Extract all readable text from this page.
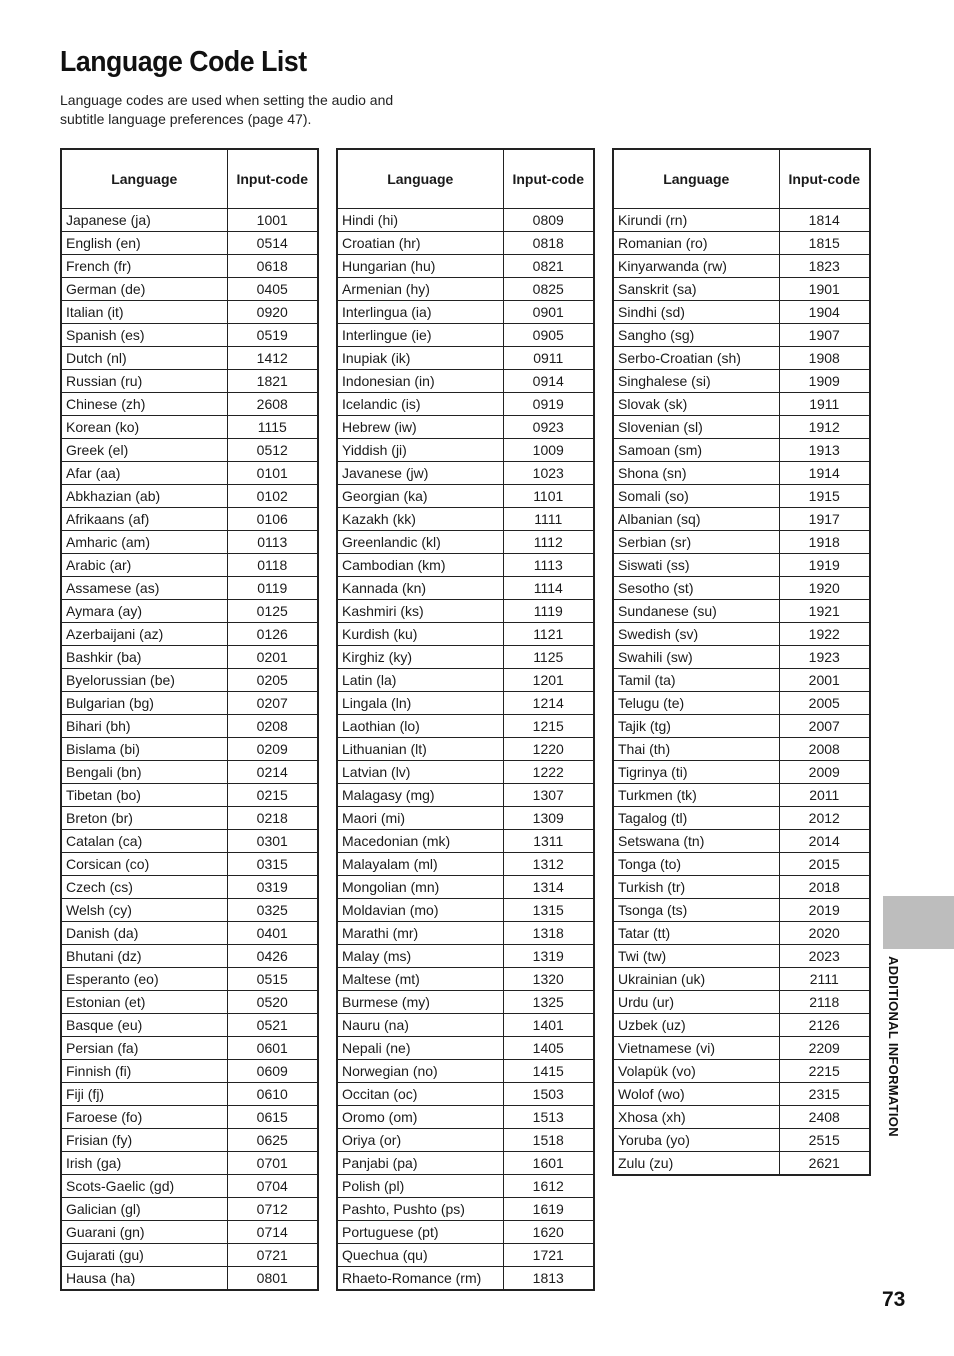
Language Code List

Language codes are used when setting the audio and
subtitle language preferences (page 47).

Language	Input-code
Japanese (ja)	1001
English (en)	0514
French (fr)	0618
German (de)	0405
Italian (it)	0920
Spanish (es)	0519
Dutch (nl)	1412
Russian (ru)	1821
Chinese (zh)	2608
Korean (ko)	1115
Greek (el)	0512
Afar (aa)	0101
Abkhazian (ab)	0102
Afrikaans (af)	0106
Amharic (am)	0113
Arabic (ar)	0118
Assamese (as)	0119
Aymara (ay)	0125
Azerbaijani (az)	0126
Bashkir (ba)	0201
Byelorussian (be)	0205
Bulgarian (bg)	0207
Bihari (bh)	0208
Bislama (bi)	0209
Bengali (bn)	0214
Tibetan (bo)	0215
Breton (br)	0218
Catalan (ca)	0301
Corsican (co)	0315
Czech (cs)	0319
Welsh (cy)	0325
Danish (da)	0401
Bhutani (dz)	0426
Esperanto (eo)	0515
Estonian (et)	0520
Basque (eu)	0521
Persian (fa)	0601
Finnish (fi)	0609
Fiji (fj)	0610
Faroese (fo)	0615
Frisian (fy)	0625
Irish (ga)	0701
Scots-Gaelic (gd)	0704
Galician (gl)	0712
Guarani (gn)	0714
Gujarati (gu)	0721
Hausa (ha)	0801
Language	Input-code
Hindi (hi)	0809
Croatian (hr)	0818
Hungarian (hu)	0821
Armenian (hy)	0825
Interlingua (ia)	0901
Interlingue (ie)	0905
Inupiak (ik)	0911
Indonesian (in)	0914
Icelandic (is)	0919
Hebrew (iw)	0923
Yiddish (ji)	1009
Javanese (jw)	1023
Georgian (ka)	1101
Kazakh (kk)	1111
Greenlandic (kl)	1112
Cambodian (km)	1113
Kannada (kn)	1114
Kashmiri (ks)	1119
Kurdish (ku)	1121
Kirghiz (ky)	1125
Latin (la)	1201
Lingala (ln)	1214
Laothian (lo)	1215
Lithuanian (lt)	1220
Latvian (lv)	1222
Malagasy (mg)	1307
Maori (mi)	1309
Macedonian (mk)	1311
Malayalam (ml)	1312
Mongolian (mn)	1314
Moldavian (mo)	1315
Marathi (mr)	1318
Malay (ms)	1319
Maltese (mt)	1320
Burmese (my)	1325
Nauru (na)	1401
Nepali (ne)	1405
Norwegian (no)	1415
Occitan (oc)	1503
Oromo (om)	1513
Oriya (or)	1518
Panjabi (pa)	1601
Polish (pl)	1612
Pashto, Pushto (ps)	1619
Portuguese (pt)	1620
Quechua (qu)	1721
Rhaeto-Romance (rm)	1813
Language	Input-code
Kirundi (rn)	1814
Romanian (ro)	1815
Kinyarwanda (rw)	1823
Sanskrit (sa)	1901
Sindhi (sd)	1904
Sangho (sg)	1907
Serbo-Croatian (sh)	1908
Singhalese (si)	1909
Slovak (sk)	1911
Slovenian (sl)	1912
Samoan (sm)	1913
Shona (sn)	1914
Somali (so)	1915
Albanian (sq)	1917
Serbian (sr)	1918
Siswati (ss)	1919
Sesotho (st)	1920
Sundanese (su)	1921
Swedish (sv)	1922
Swahili (sw)	1923
Tamil (ta)	2001
Telugu (te)	2005
Tajik (tg)	2007
Thai (th)	2008
Tigrinya (ti)	2009
Turkmen (tk)	2011
Tagalog (tl)	2012
Setswana (tn)	2014
Tonga (to)	2015
Turkish (tr)	2018
Tsonga (ts)	2019
Tatar (tt)	2020
Twi (tw)	2023
Ukrainian (uk)	2111
Urdu (ur)	2118
Uzbek (uz)	2126
Vietnamese (vi)	2209
Volapük (vo)	2215
Wolof (wo)	2315
Xhosa (xh)	2408
Yoruba (yo)	2515
Zulu (zu)	2621
ADDITIONAL INFORMATION
73
